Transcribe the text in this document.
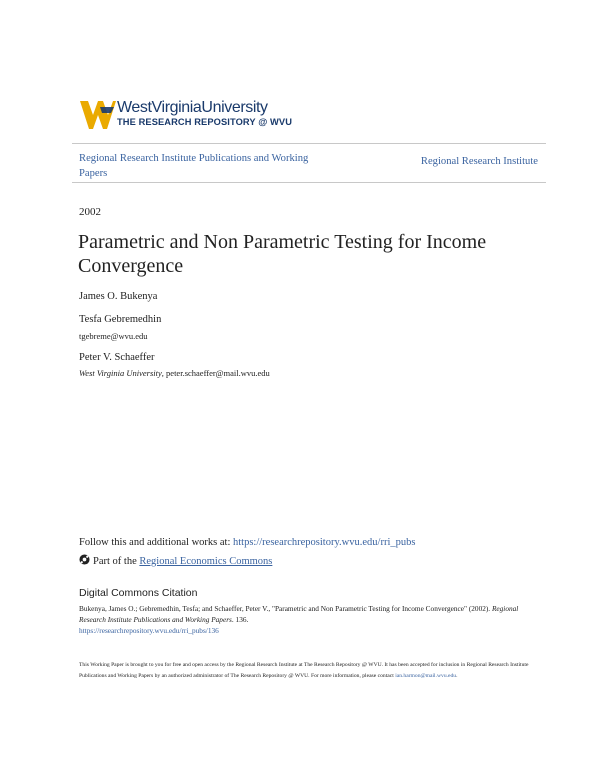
WestVirginiaUniversity
THE RESEARCH REPOSITORY @ WVU
Regional Research Institute Publications and Working Papers
Regional Research Institute
2002
Parametric and Non Parametric Testing for Income Convergence
James O. Bukenya
Tesfa Gebremedhin
tgebreme@wvu.edu
Peter V. Schaeffer
West Virginia University, peter.schaeffer@mail.wvu.edu
Follow this and additional works at: https://researchrepository.wvu.edu/rri_pubs
Part of the Regional Economics Commons
Digital Commons Citation
Bukenya, James O.; Gebremedhin, Tesfa; and Schaeffer, Peter V., "Parametric and Non Parametric Testing for Income Convergence" (2002). Regional Research Institute Publications and Working Papers. 136.
https://researchrepository.wvu.edu/rri_pubs/136
This Working Paper is brought to you for free and open access by the Regional Research Institute at The Research Repository @ WVU. It has been accepted for inclusion in Regional Research Institute Publications and Working Papers by an authorized administrator of The Research Repository @ WVU. For more information, please contact ian.harmon@mail.wvu.edu.
